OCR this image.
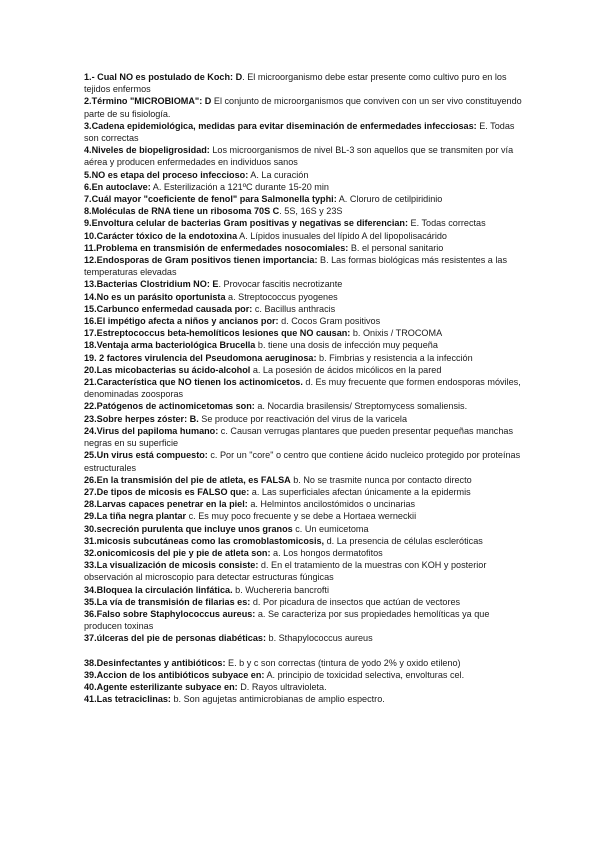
1.- Cual NO es postulado de Koch: D. El microorganismo debe estar presente como cultivo puro en los tejidos enfermos

2.Término "MICROBIOMA": D El conjunto de microorganismos que conviven con un ser vivo constituyendo parte de su fisiología.

3.Cadena epidemiológica, medidas para evitar diseminación de enfermedades infecciosas: E. Todas son correctas

4.Niveles de biopeligrosidad: Los microorganismos de nivel BL-3 son aquellos que se transmiten por vía aérea y producen enfermedades en individuos sanos

5.NO es etapa del proceso infeccioso: A. La curación

6.En autoclave: A. Esterilización a 121ºC durante 15-20 min

7.Cuál mayor "coeficiente de fenol" para Salmonella typhi: A. Cloruro de cetilpiridinio

8.Moléculas de RNA tiene un ribosoma 70S C. 5S, 16S y 23S

9.Envoltura celular de bacterias Gram positivas y negativas se diferencian: E. Todas correctas

10.Carácter tóxico de la endotoxina A. Lípidos inusuales del lípido A del lipopolisacárido

11.Problema en transmisión de enfermedades nosocomiales: B. el personal sanitario

12.Endosporas de Gram positivos tienen importancia: B. Las formas biológicas más resistentes a las temperaturas elevadas

13.Bacterias Clostridium NO: E. Provocar fascitis necrotizante

14.No es un parásito oportunista a. Streptococcus pyogenes

15.Carbunco enfermedad causada por: c. Bacillus anthracis

16.El impétigo afecta a niños y ancianos por: d. Cocos Gram positivos

17.Estreptococcus beta-hemolíticos lesiones que NO causan: b. Onixis / TROCOMA

18.Ventaja arma bacteriológica Brucella b. tiene una dosis de infección muy pequeña

19. 2 factores virulencia del Pseudomona aeruginosa: b. Fimbrias y resistencia a la infección

20.Las micobacterias su ácido-alcohol a. La posesión de ácidos micólicos en la pared

21.Característica que NO tienen los actinomicetos. d. Es muy frecuente que formen endosporas móviles, denominadas zoosporas

22.Patógenos de actinomicetomas son: a. Nocardia brasilensis/ Streptomycess somaliensis.

23.Sobre herpes zóster: B. Se produce por reactivación del virus de la varicela

24.Virus del papiloma humano: c. Causan verrugas plantares que pueden presentar pequeñas manchas negras en su superficie

25.Un virus está compuesto: c. Por un "core" o centro que contiene ácido nucleico protegido por proteínas estructurales

26.En la transmisión del pie de atleta, es FALSA b. No se trasmite nunca por contacto directo

27.De tipos de micosis es FALSO que: a. Las superficiales afectan únicamente a la epidermis

28.Larvas capaces penetrar en la piel: a. Helmintos ancilostómidos o uncinarias

29.La tiña negra plantar c. Es muy poco frecuente y se debe a Hortaea werneckii

30.secreción purulenta que incluye unos granos c. Un eumicetoma

31.micosis subcutáneas como las cromoblastomicosis, d. La presencia de células escleróticas

32.onicomicosis del pie y pie de atleta son: a. Los hongos dermatofitos

33.La visualización de micosis consiste: d. En el tratamiento de la muestras con KOH y posterior observación al microscopio para detectar estructuras fúngicas

34.Bloquea la circulación linfática. b. Wuchereria bancrofti

35.La vía de transmisión de filarias es: d. Por picadura de insectos que actúan de vectores

36.Falso sobre Staphylococcus aureus: a. Se caracteriza por sus propiedades hemolíticas ya que producen toxinas

37.úlceras del pie de personas diabéticas: b. Sthapylococcus aureus

38.Desinfectantes y antibióticos: E. b y c son correctas (tintura de yodo 2% y oxido etileno)

39.Accion de los antibióticos subyace en: A. principio de toxicidad selectiva, envolturas cel.

40.Agente esterilizante subyace en: D. Rayos ultravioleta.

41.Las tetraciclinas: b. Son agujetas antimicrobianas de amplio espectro.
